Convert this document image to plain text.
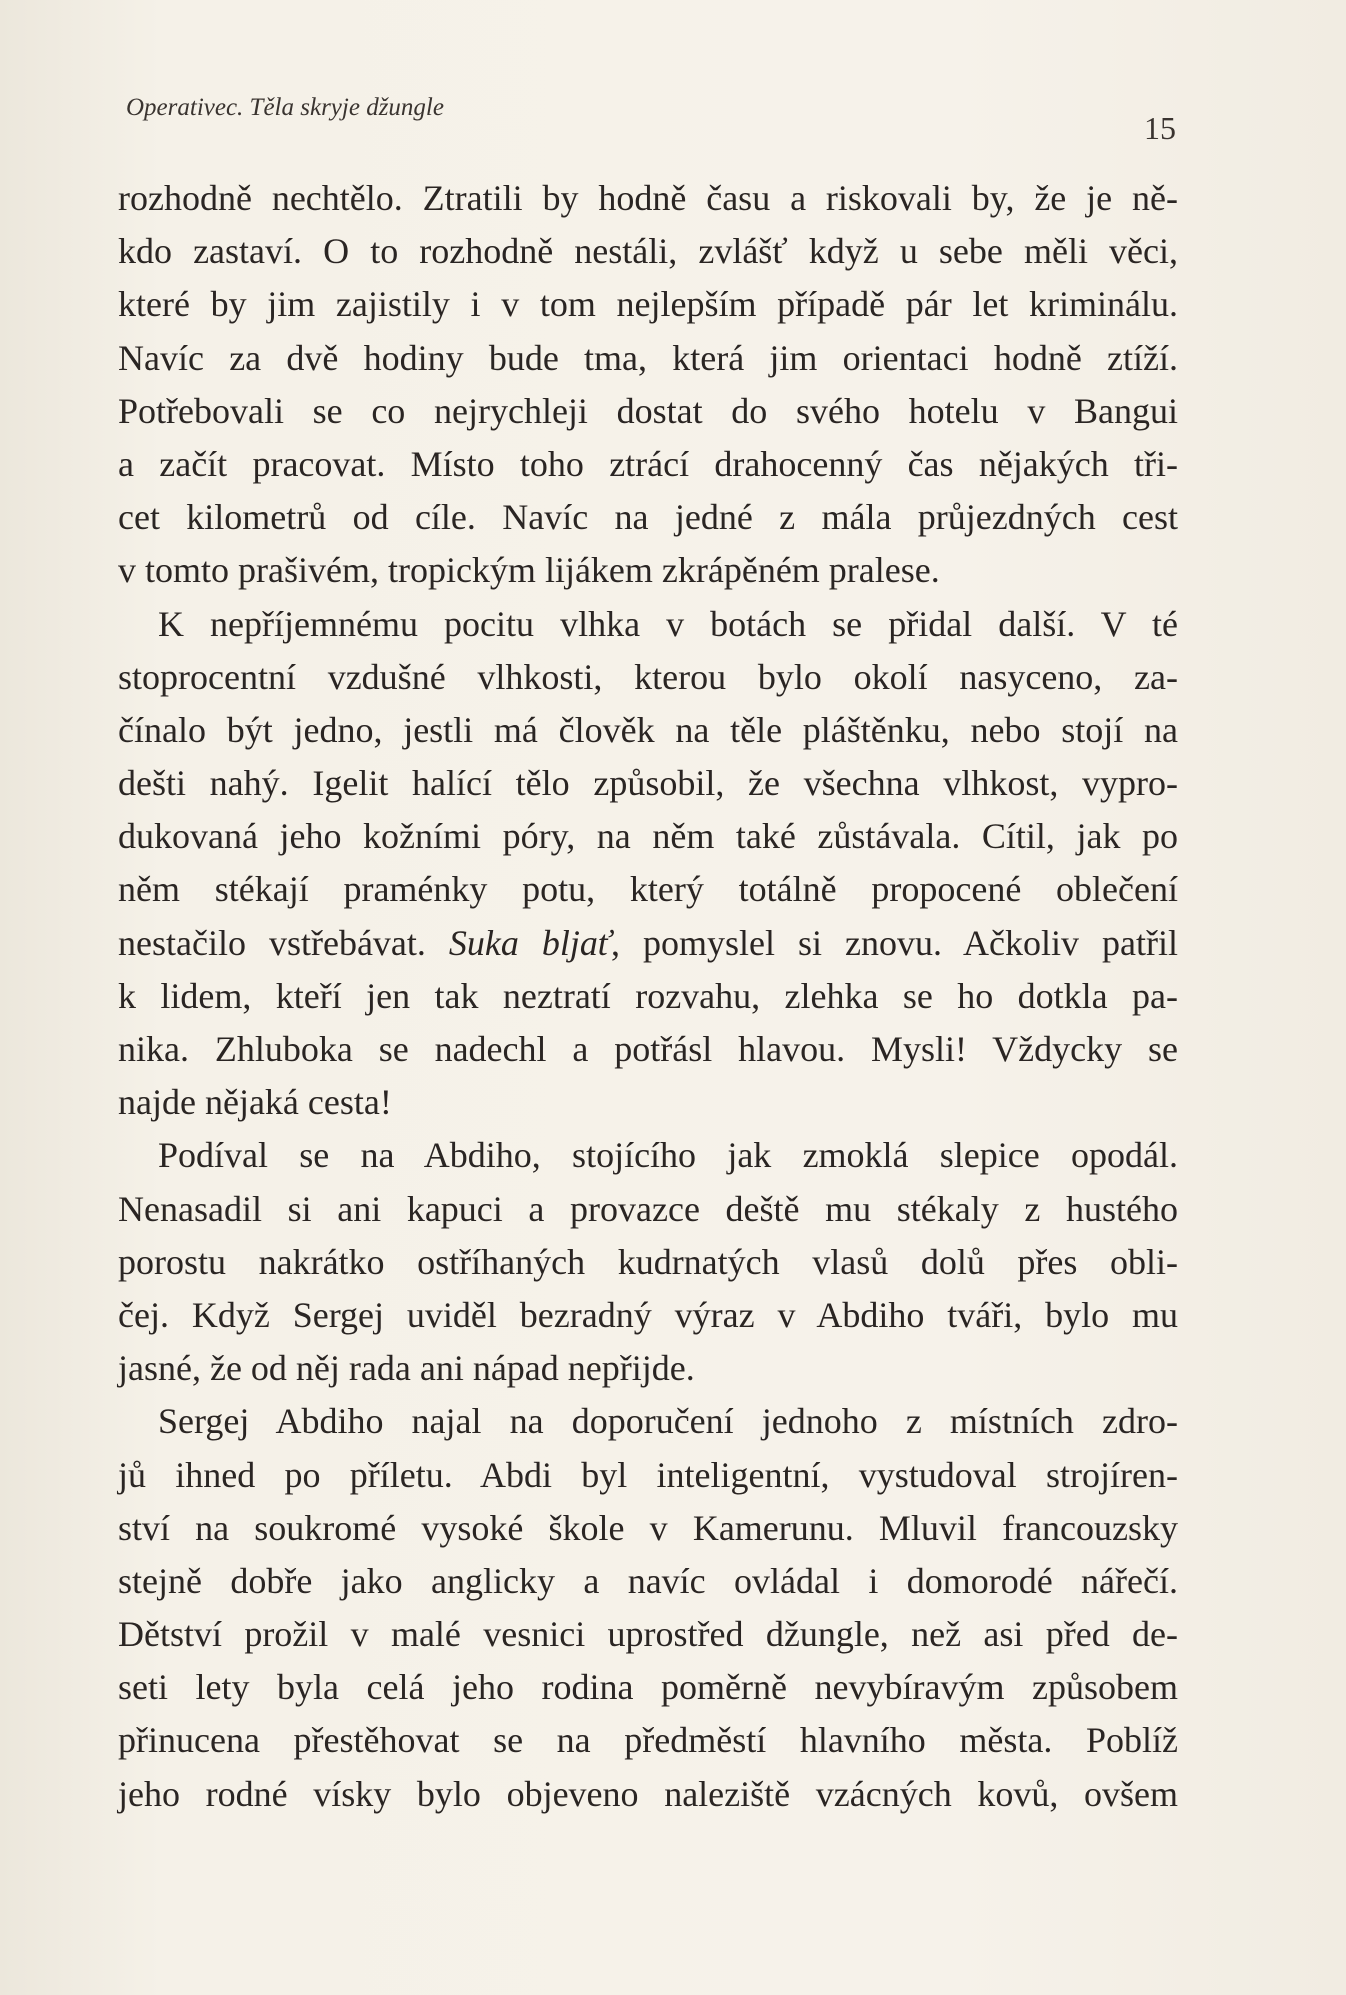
Operativec. Těla skryje džungle
15
rozhodně nechtělo. Ztratili by hodně času a riskovali by, že je ně-
kdo zastaví. O to rozhodně nestáli, zvlášť když u sebe měli věci,
které by jim zajistily i v tom nejlepším případě pár let kriminálu.
Navíc za dvě hodiny bude tma, která jim orientaci hodně ztíží.
Potřebovali se co nejrychleji dostat do svého hotelu v Bangui
a začít pracovat. Místo toho ztrácí drahocenný čas nějakých tři-
cet kilometrů od cíle. Navíc na jedné z mála průjezdných cest
v tomto prašivém, tropickým lijákem zkrápěném pralese.
K nepříjemnému pocitu vlhka v botách se přidal další. V té
stoprocentní vzdušné vlhkosti, kterou bylo okolí nasyceno, za-
čínalo být jedno, jestli má člověk na těle pláštěnku, nebo stojí na
dešti nahý. Igelit halící tělo způsobil, že všechna vlhkost, vypro-
dukovaná jeho kožními póry, na něm také zůstávala. Cítil, jak po
něm stékají praménky potu, který totálně propocené oblečení
nestačilo vstřebávat. Suka bljať, pomyslel si znovu. Ačkoliv patřil
k lidem, kteří jen tak neztratí rozvahu, zlehka se ho dotkla pa-
nika. Zhluboka se nadechl a potřásl hlavou. Mysli! Vždycky se
najde nějaká cesta!
Podíval se na Abdiho, stojícího jak zmoklá slepice opodál.
Nenasadil si ani kapuci a provazce deště mu stékaly z hustého
porostu nakrátko ostříhaných kudrnatých vlasů dolů přes obli-
čej. Když Sergej uviděl bezradný výraz v Abdiho tváři, bylo mu
jasné, že od něj rada ani nápad nepřijde.
Sergej Abdiho najal na doporučení jednoho z místních zdro-
jů ihned po příletu. Abdi byl inteligentní, vystudoval strojíren-
ství na soukromé vysoké škole v Kamerunu. Mluvil francouzsky
stejně dobře jako anglicky a navíc ovládal i domorodé nářečí.
Dětství prožil v malé vesnici uprostřed džungle, než asi před de-
seti lety byla celá jeho rodina poměrně nevybíravým způsobem
přinucena přestěhovat se na předměstí hlavního města. Poblíž
jeho rodné vísky bylo objeveno naleziště vzácných kovů, ovšem
